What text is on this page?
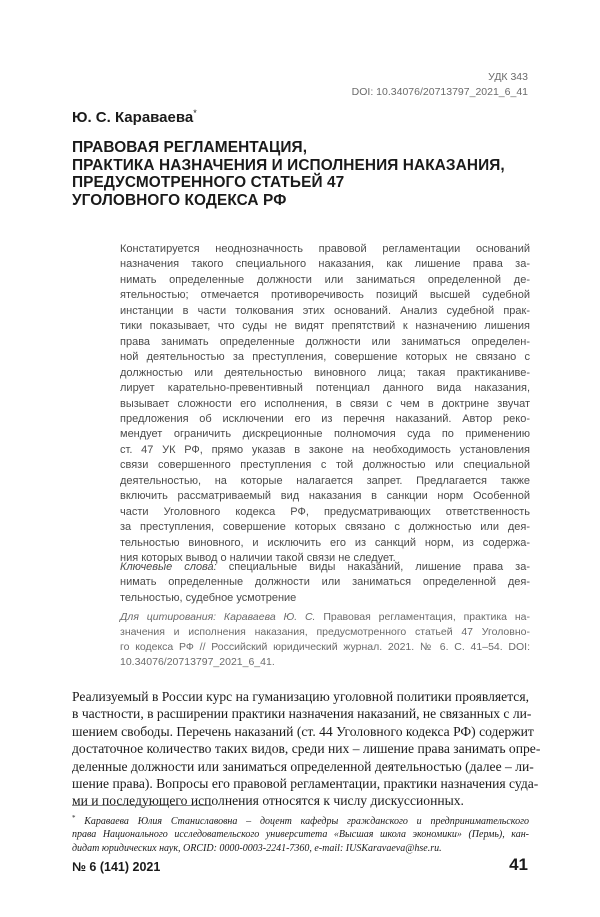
УДК 343
DOI: 10.34076/20713797_2021_6_41
Ю. С. Караваева*
ПРАВОВАЯ РЕГЛАМЕНТАЦИЯ,
ПРАКТИКА НАЗНАЧЕНИЯ И ИСПОЛНЕНИЯ НАКАЗАНИЯ,
ПРЕДУСМОТРЕННОГО СТАТЬЕЙ 47
УГОЛОВНОГО КОДЕКСА РФ
Констатируется неоднозначность правовой регламентации оснований
назначения такого специального наказания, как лишение права за-
нимать определенные должности или заниматься определенной де-
ятельностью; отмечается противоречивость позиций высшей судебной
инстанции в части толкования этих оснований. Анализ судебной прак-
тики показывает, что суды не видят препятствий к назначению лишения
права занимать определенные должности или заниматься определен-
ной деятельностью за преступления, совершение которых не связано с
должностью или деятельностью виновного лица; такая практиканиве-
лирует карательно-превентивный потенциал данного вида наказания,
вызывает сложности его исполнения, в связи с чем в доктрине звучат
предложения об исключении его из перечня наказаний. Автор реко-
мендует ограничить дискреционные полномочия суда по применению
ст. 47 УК РФ, прямо указав в законе на необходимость установления
связи совершенного преступления с той должностью или специальной
деятельностью, на которые налагается запрет. Предлагается также
включить рассматриваемый вид наказания в санкции норм Особенной
части Уголовного кодекса РФ, предусматривающих ответственность
за преступления, совершение которых связано с должностью или дея-
тельностью виновного, и исключить его из санкций норм, из содержа-
ния которых вывод о наличии такой связи не следует.
Ключевые слова: специальные виды наказаний, лишение права за-
нимать определенные должности или заниматься определенной дея-
тельностью, судебное усмотрение
Для цитирования: Караваева Ю. С. Правовая регламентация, практика на-
значения и исполнения наказания, предусмотренного статьей 47 Уголовно-
го кодекса РФ // Российский юридический журнал. 2021. № 6. С. 41–54. DOI:
10.34076/20713797_2021_6_41.
Реализуемый в России курс на гуманизацию уголовной политики проявляется,
в частности, в расширении практики назначения наказаний, не связанных с ли-
шением свободы. Перечень наказаний (ст. 44 Уголовного кодекса РФ) содержит
достаточное количество таких видов, среди них – лишение права занимать опре-
деленные должности или заниматься определенной деятельностью (далее – ли-
шение права). Вопросы его правовой регламентации, практики назначения суда-
ми и последующего исполнения относятся к числу дискуссионных.
* Караваева Юлия Станиславовна – доцент кафедры гражданского и предпринимательского
права Национального исследовательского университета «Высшая школа экономики» (Пермь), кан-
дидат юридических наук, ORCID: 0000-0003-2241-7360, e-mail: IUSKaravaeva@hse.ru.
№ 6 (141) 2021	41
